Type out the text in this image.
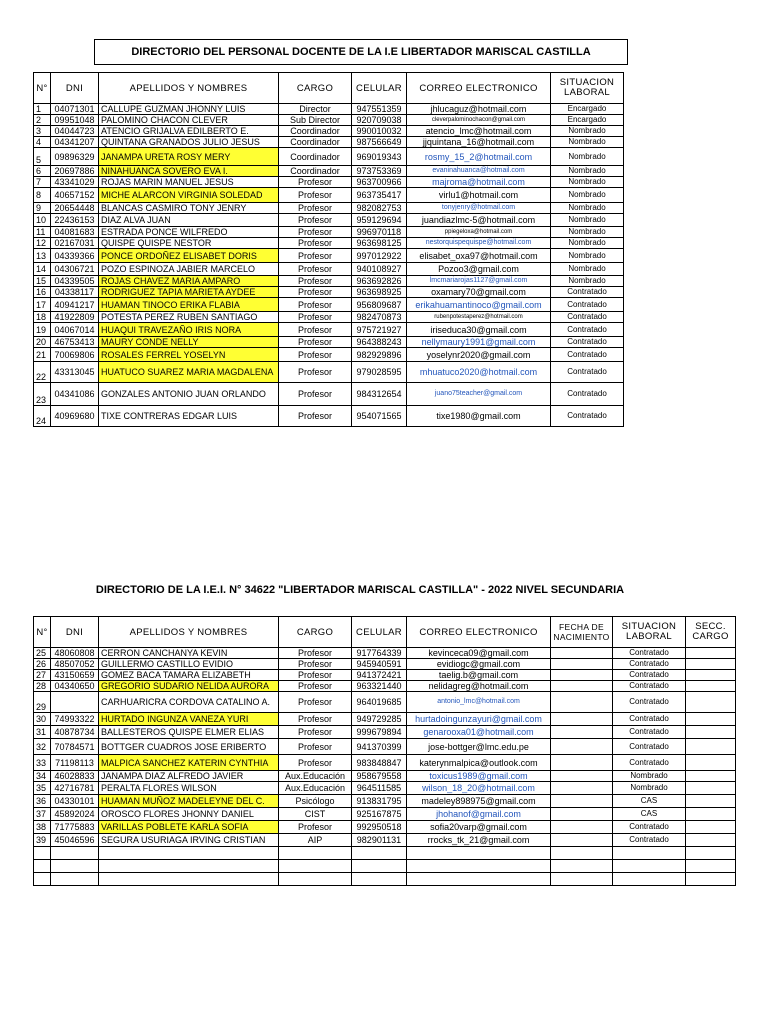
DIRECTORIO DEL PERSONAL DOCENTE DE LA I.E LIBERTADOR MARISCAL CASTILLA
N°	DNI	APELLIDOS Y NOMBRES	CARGO	CELULAR	CORREO ELECTRONICO	SITUACION LABORAL
1	04071301	CALLUPE GUZMAN JHONNY LUIS	Director	947551359	jhlucaguz@hotmail.com	Encargado
2	09951048	PALOMINO CHACON CLEVER	Sub Director	920709038	cleverpalominochacon@gmail.com	Encargado
3	04044723	ATENCIO GRIJALVA EDILBERTO E.	Coordinador	990010032	atencio_lmc@hotmail.com	Nombrado
4	04341207	QUINTANA GRANADOS JULIO JESUS	Coordinador	987566649	jjquintana_16@hotmail.com	Nombrado
5	09896329	JANAMPA URETA ROSY MERY	Coordinador	969019343	rosmy_15_2@hotmail.com	Nombrado
6	20697886	NINAHUANCA SOVERO EVA I.	Coordinador	973753369	evaninahuanca@hotmail.com	Nombrado
7	43341029	ROJAS MARIN MANUEL JESUS	Profesor	963700966	majroma@hotmail.com	Nombrado
8	40657152	MICHE ALARCON VIRGINIA SOLEDAD	Profesor	963735417	virlu1@hotmail.com	Nombrado
9	20654448	BLANCAS CASMIRO TONY JENRY	Profesor	982082753	tonyjenry@hotmail.com	Nombrado
10	22436153	DIAZ ALVA JUAN	Profesor	959129694	juandiazlmc-5@hotmail.com	Nombrado
11	04081683	ESTRADA PONCE WILFREDO	Profesor	996970118	ppiegeloxa@hotmail.com	Nombrado
12	02167031	QUISPE QUISPE NESTOR	Profesor	963698125	nestorquispequispe@hotmail.com	Nombrado
13	04339366	PONCE ORDOÑEZ ELISABET DORIS	Profesor	997012922	elisabet_oxa97@hotmail.com	Nombrado
14	04306721	POZO ESPINOZA JABIER MARCELO	Profesor	940108927	Pozoo3@gmail.com	Nombrado
15	04339505	ROJAS CHAVEZ MARIA AMPARO	Profesor	963692826	lmcmariarojas1127@gmail.com	Nombrado
16	04338117	RODRIGUEZ TAPIA MARIETA AYDEE	Profesor	963698925	oxamary70@gmail.com	Contratado
17	40941217	HUAMAN TINOCO ERIKA FLABIA	Profesor	956809687	erikahuamantinoco@gmail.com	Contratado
18	41922809	POTESTA PEREZ RUBEN SANTIAGO	Profesor	982470873	rubenpotestaperez@hotmail.com	Contratado
19	04067014	HUAQUI TRAVEZAÑO IRIS NORA	Profesor	975721927	iriseduca30@gmail.com	Contratado
20	46753413	MAURY CONDE NELLY	Profesor	964388243	nellymaury1991@gmail.com	Contratado
21	70069806	ROSALES FERREL YOSELYN	Profesor	982929896	yoselynr2020@gmail.com	Contratado
22	43313045	HUATUCO SUAREZ MARIA MAGDALENA	Profesor	979028595	mhuatuco2020@hotmail.com	Contratado
23	04341086	GONZALES ANTONIO JUAN ORLANDO	Profesor	984312654	juano75teacher@gmail.com	Contratado
24	40969680	TIXE CONTRERAS EDGAR LUIS	Profesor	954071565	tixe1980@gmail.com	Contratado
DIRECTORIO DE LA I.E.I. N° 34622 "LIBERTADOR MARISCAL CASTILLA" - 2022 NIVEL SECUNDARIA
N°	DNI	APELLIDOS Y NOMBRES	CARGO	CELULAR	CORREO ELECTRONICO	FECHA DE NACIMIENTO	SITUACION LABORAL	SECC. CARGO
25	48060808	CERRON CANCHANYA KEVIN	Profesor	917764339	kevinceca09@gmail.com		Contratado	
26	48507052	GUILLERMO CASTILLO EVIDIO	Profesor	945940591	evidiogc@gmail.com		Contratado	
27	43150659	GOMEZ BACA TAMARA ELIZABETH	Profesor	941372421	taelig.b@gmail.com		Contratado	
28	04340650	GREGORIO SUDARIO NELIDA AURORA	Profesor	963321440	nelidagreg@hotmail.com		Contratado	
29		CARHUARICRA CORDOVA CATALINO A.	Profesor	964019685	antonio_lmc@hotmail.com		Contratado	
30	74993322	HURTADO INGUNZA VANEZA YURI	Profesor	949729285	hurtadoingunzayuri@gmail.com		Contratado	
31	40878734	BALLESTEROS QUISPE ELMER ELIAS	Profesor	999679894	genarooxa01@hotmail.com		Contratado	
32	70784571	BOTTGER CUADROS JOSE ERIBERTO	Profesor	941370399	jose-bottger@lmc.edu.pe		Contratado	
33	71198113	MALPICA SANCHEZ KATERIN CYNTHIA	Profesor	983848847	katerynmalpica@outlook.com		Contratado	
34	46028833	JANAMPA DIAZ ALFREDO JAVIER	Aux.Educación	958679558	toxicus1989@gmail.com		Nombrado	
35	42716781	PERALTA FLORES WILSON	Aux.Educación	964511585	wilson_18_20@hotmail.com		Nombrado	
36	04330101	HUAMAN MUÑOZ MADELEYNE DEL C.	Psicólogo	913831795	madeley898975@gmail.com		CAS	
37	45892024	OROSCO FLORES JHONNY DANIEL	CIST	925167875	jhohanof@gmail.com		CAS	
38	71775883	VARILLAS POBLETE KARLA SOFIA	Profesor	992950518	sofia20varp@gmail.com		Contratado	
39	45046596	SEGURA USURIAGA IRVING CRISTIAN	AIP	982901131	rrocks_tk_21@gmail.com		Contratado	
